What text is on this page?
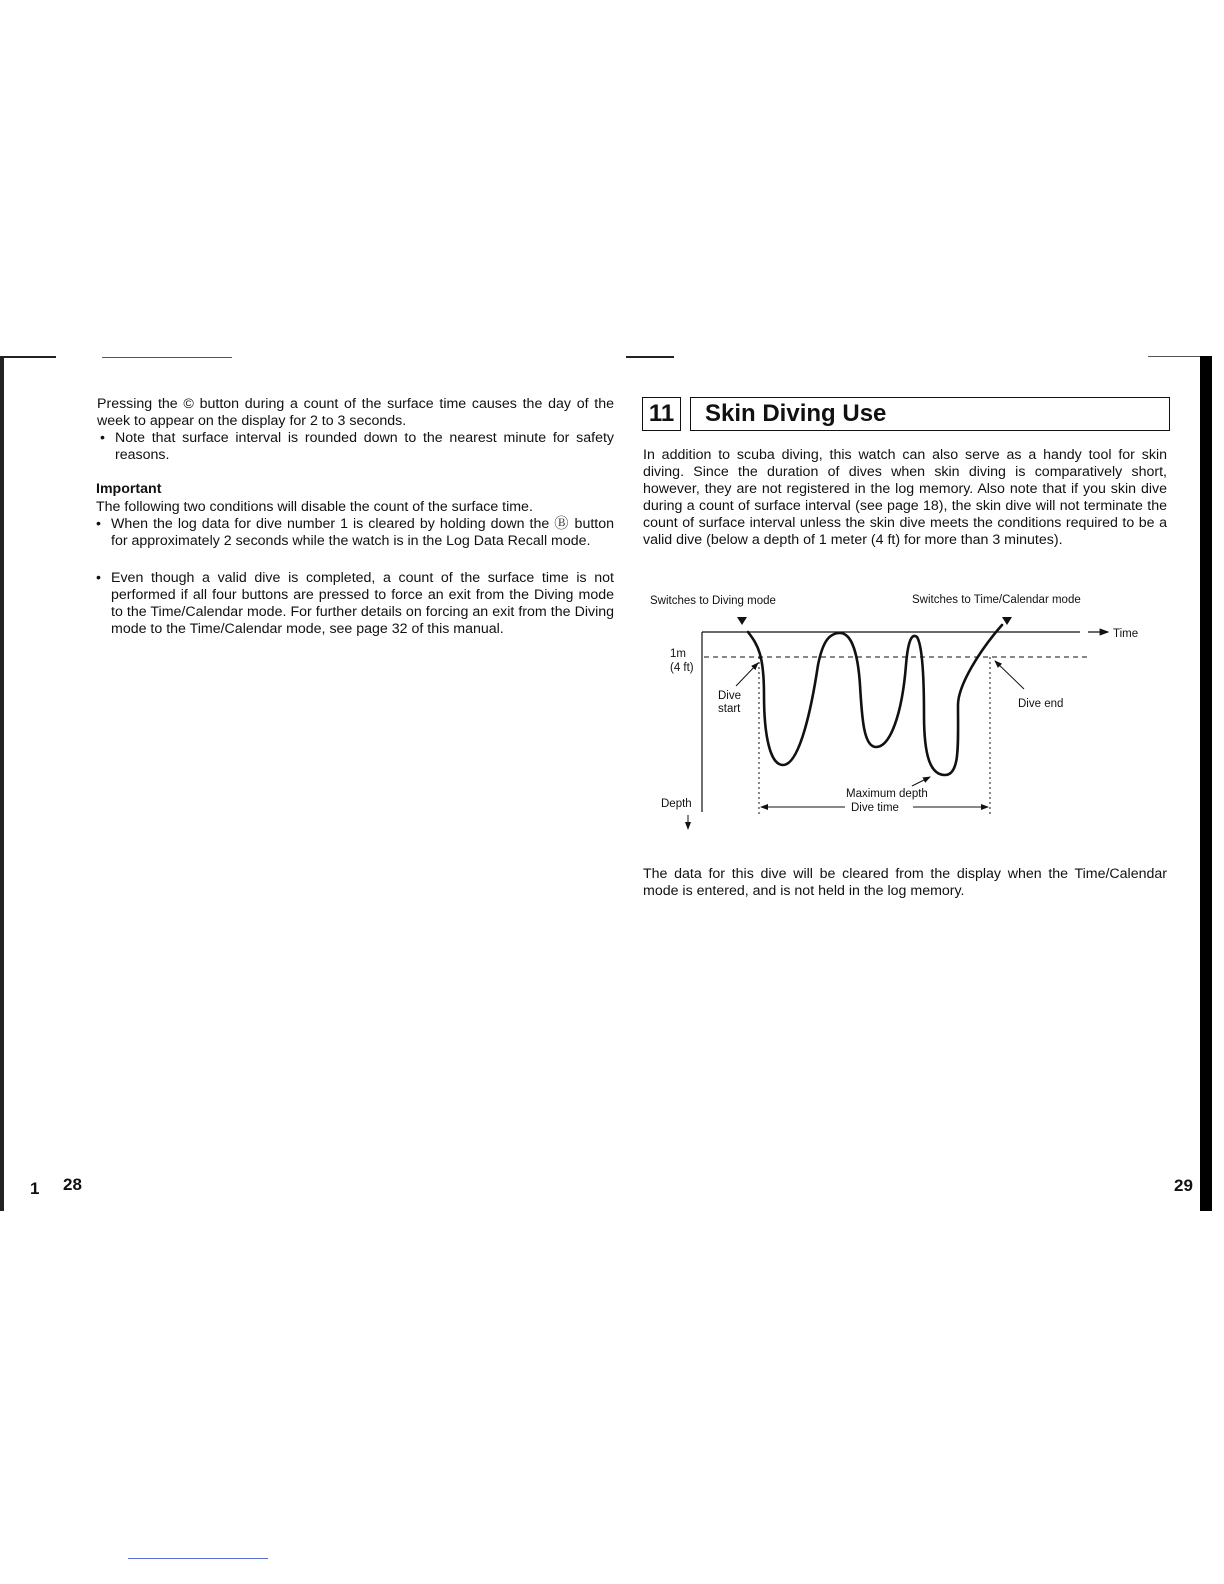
Pressing the © button during a count of the surface time causes the day of the week to appear on the display for 2 to 3 seconds.
• Note that surface interval is rounded down to the nearest minute for safety reasons.
Important
The following two conditions will disable the count of the surface time.
• When the log data for dive number 1 is cleared by holding down the Ⓑ button for approximately 2 seconds while the watch is in the Log Data Recall mode.
• Even though a valid dive is completed, a count of the surface time is not performed if all four buttons are pressed to force an exit from the Diving mode to the Time/Calendar mode. For further details on forcing an exit from the Diving mode to the Time/Calendar mode, see page 32 of this manual.
1 28
11	Skin Diving Use
In addition to scuba diving, this watch can also serve as a handy tool for skin diving. Since the duration of dives when skin diving is comparatively short, however, they are not registered in the log memory. Also note that if you skin dive during a count of surface interval (see page 18), the skin dive will not terminate the count of surface interval unless the skin dive meets the conditions required to be a valid dive (below a depth of 1 meter (4 ft) for more than 3 minutes).
Switches to Diving mode	Switches to Time/Calendar mode
Time
1m
(4 ft)
Dive
start	Dive end
Maximum depth
Dive time
Depth
The data for this dive will be cleared from the display when the Time/Calendar mode is entered, and is not held in the log memory.
29
